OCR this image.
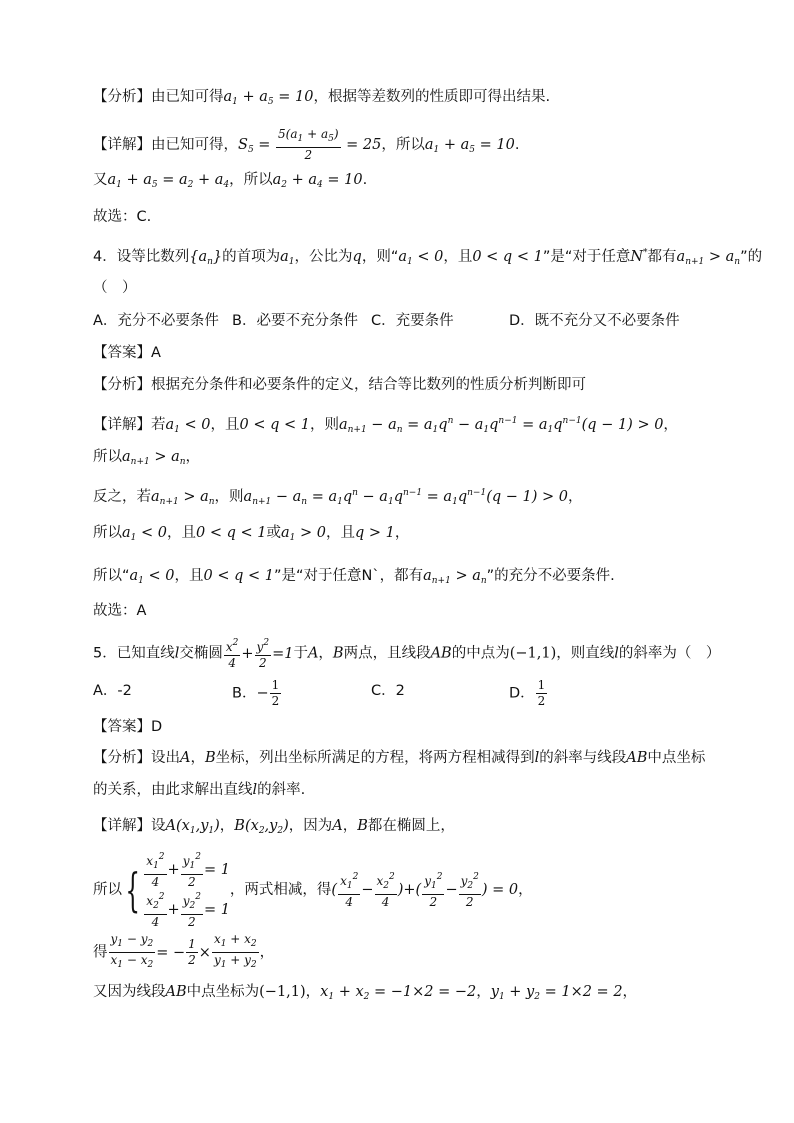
【分析】由已知可得$a_1 + a_5 = 10$，根据等差数列的性质即可得出结果.
【详解】由已知可得，$S_5 = \frac{5(a_1 + a_5)}{2} = 25$，所以$a_1 + a_5 = 10$.
又$a_1 + a_5 = a_2 + a_4$，所以$a_2 + a_4 = 10$.
故选：C.
4．设等比数列$\{a_n\}$的首项为$a_1$，公比为q，则“$a_1 < 0$，且0 < q < 1”是“对于任意N*都有$a_{n+1} > a_n$”的
（　）
A．充分不必要条件 B．必要不充分条件 C．充要条件	D．既不充分又不必要条件
【答案】A
【分析】根据充分条件和必要条件的定义，结合等比数列的性质分析判断即可
【详解】若$a_1 < 0$，且0 < q < 1，则$a_{n+1} - a_n = a_1q^n - a_1q^{n-1} = a_1q^{n-1}(q - 1) > 0$，
所以$a_{n+1} > a_n$，
反之，若$a_{n+1} > a_n$，则$a_{n+1} - a_n = a_1q^n - a_1q^{n-1} = a_1q^{n-1}(q - 1) > 0$，
所以$a_1 < 0$，且0 < q < 1或$a_1 > 0$，且q > 1，
所以“$a_1 < 0$，且0 < q < 1”是“对于任意N`，都有$a_{n+1} > a_n$”的充分不必要条件.
故选：A
5．已知直线l交椭圆 $\frac{x^2}{4} + \frac{y^2}{2} =1$于A，B两点，且线段AB的中点为(−1,1)，则直线l的斜率为（　）
A．-2	B．− $\frac{1}{2}$	C．2	D． $\frac{1}{2}$
【答案】D
【分析】设出A，B坐标，列出坐标所满足的方程，将两方程相减得到l的斜率与线段AB中点坐标
的关系，由此求解出直线l的斜率.
【详解】设$A(x_1,y_1)$，$B(x_2,y_2)$，因为A，B都在椭圆上，
所以{ $\frac{x_1^2}{4} + \frac{y_1^2}{2} = 1$
$\frac{x_2^2}{4} + \frac{y_2^2}{2} = 1$
，两式相减，得( $\frac{x_1^2}{4} - \frac{x_2^2}{4}$ )+( $\frac{y_1^2}{2} - \frac{y_2^2}{2}$ ) = 0，
得 $\frac{y_1 - y_2}{x_1 - x_2}$ = − $\frac{1}{2} \times \frac{x_1 + x_2}{y_1 + y_2}$ ，
又因为线段AB中点坐标为(−1,1)，$x_1 + x_2 = -1\times 2 = -2$，$y_1 + y_2 = 1\times 2 = 2$，
